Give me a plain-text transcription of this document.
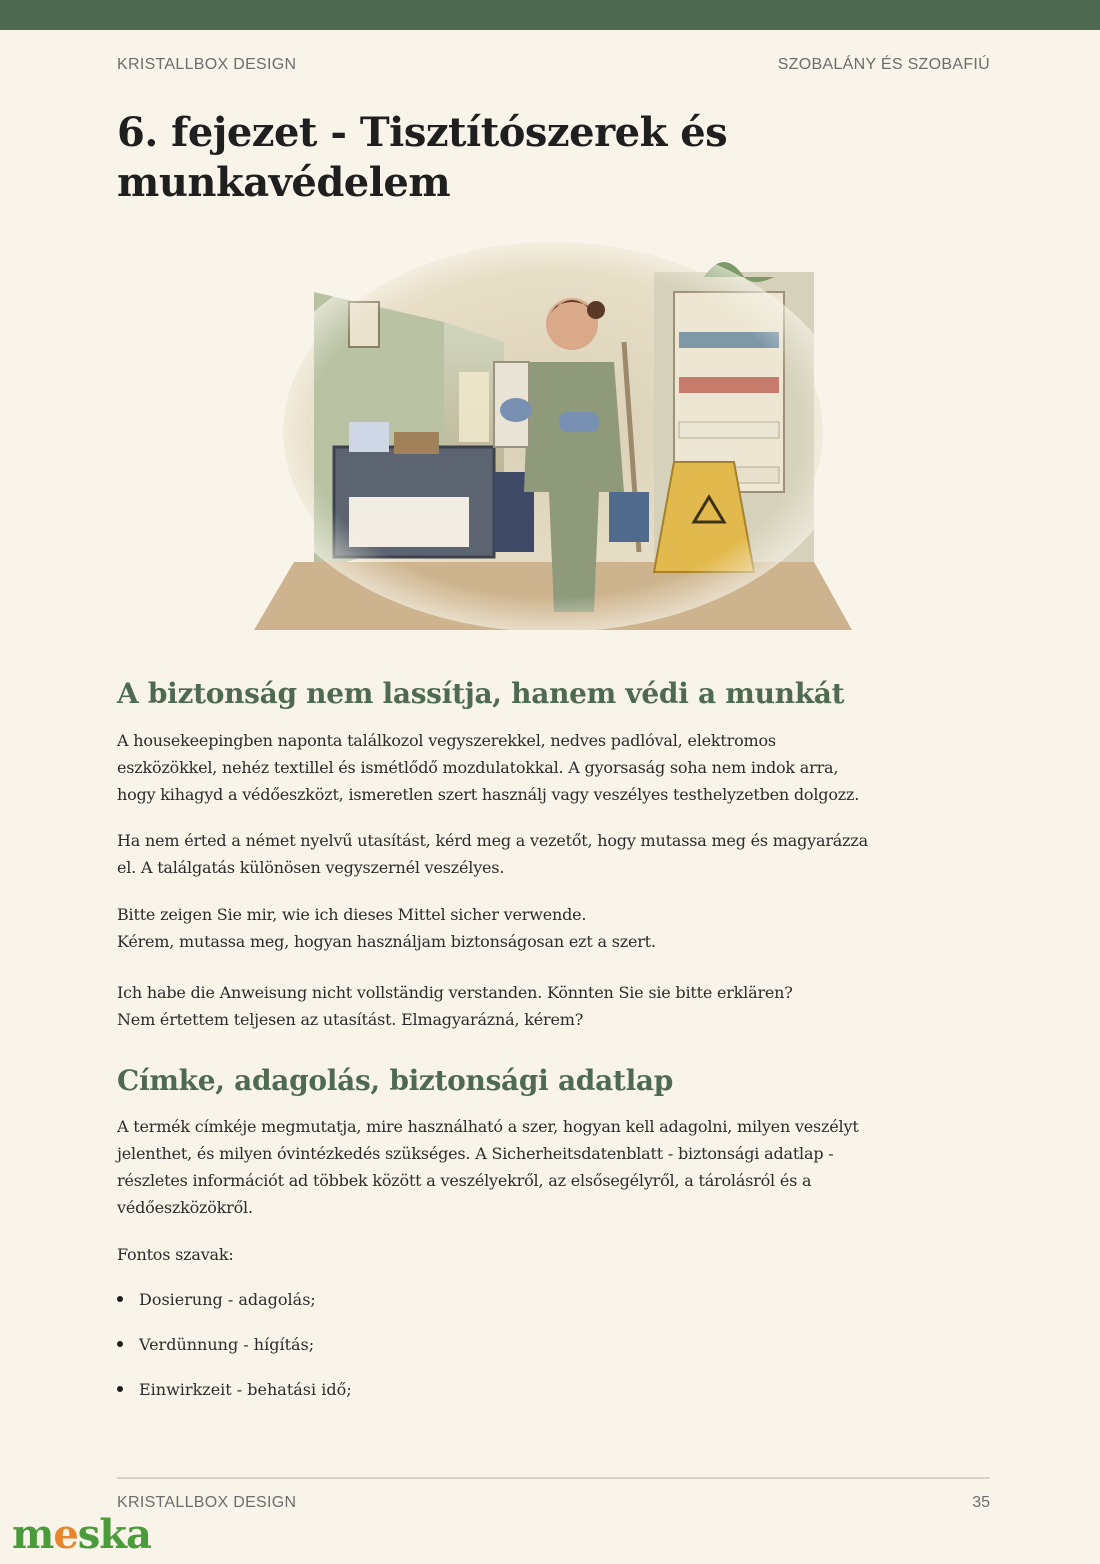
KRISTALLBOX DESIGN	SZOBALÁNY ÉS SZOBAFIÚ
6. fejezet - Tisztítószerek és munkavédelem
A biztonság nem lassítja, hanem védi a munkát

A housekeepingben naponta találkozol vegyszerekkel, nedves padlóval, elektromos
eszközökkel, nehéz textillel és ismétlődő mozdulatokkal. A gyorsaság soha nem indok arra,
hogy kihagyd a védőeszközt, ismeretlen szert használj vagy veszélyes testhelyzetben dolgozz.

Ha nem érted a német nyelvű utasítást, kérd meg a vezetőt, hogy mutassa meg és magyarázza
el. A találgatás különösen vegyszernél veszélyes.

Bitte zeigen Sie mir, wie ich dieses Mittel sicher verwende.
Kérem, mutassa meg, hogyan használjam biztonságosan ezt a szert.

Ich habe die Anweisung nicht vollständig verstanden. Könnten Sie sie bitte erklären?
Nem értettem teljesen az utasítást. Elmagyarázná, kérem?

Címke, adagolás, biztonsági adatlap

A termék címkéje megmutatja, mire használható a szer, hogyan kell adagolni, milyen veszélyt
jelenthet, és milyen óvintézkedés szükséges. A Sicherheitsdatenblatt - biztonsági adatlap -
részletes információt ad többek között a veszélyekről, az elsősegélyről, a tárolásról és a
védőeszközökről.

Fontos szavak:

Dosierung - adagolás;
Verdünnung - hígítás;
Einwirkzeit - behatási idő;
KRISTALLBOX DESIGN	35
meska
